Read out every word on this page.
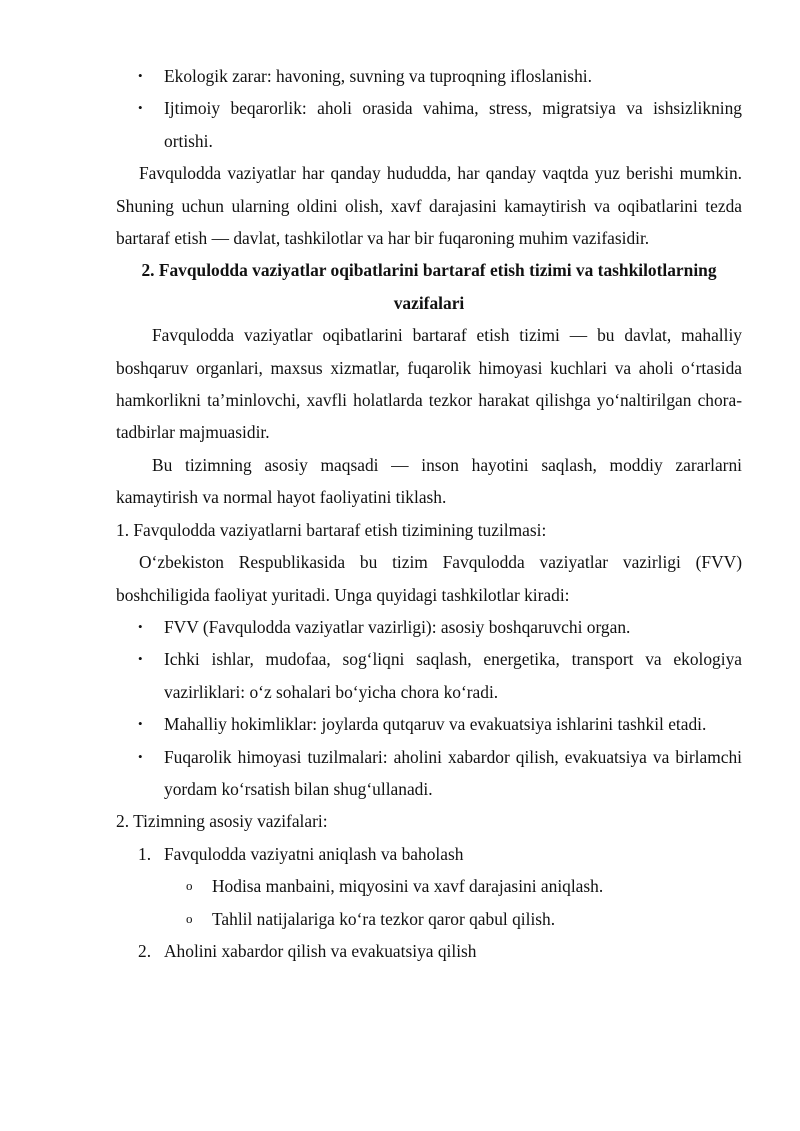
• Ekologik zarar: havoning, suvning va tuproqning ifloslanishi.
• Ijtimoiy beqarorlik: aholi orasida vahima, stress, migratsiya va ishsizlikning ortishi.

Favqulodda vaziyatlar har qanday hududda, har qanday vaqtda yuz berishi mumkin. Shuning uchun ularning oldini olish, xavf darajasini kamaytirish va oqibatlarini tezda bartaraf etish — davlat, tashkilotlar va har bir fuqaroning muhim vazifasidir.

2. Favqulodda vaziyatlar oqibatlarini bartaraf etish tizimi va tashkilotlarning vazifalari

Favqulodda vaziyatlar oqibatlarini bartaraf etish tizimi — bu davlat, mahalliy boshqaruv organlari, maxsus xizmatlar, fuqarolik himoyasi kuchlari va aholi o‘rtasida hamkorlikni ta’minlovchi, xavfli holatlarda tezkor harakat qilishga yo‘naltirilgan chora-tadbirlar majmuasidir.

Bu tizimning asosiy maqsadi — inson hayotini saqlash, moddiy zararlarni kamaytirish va normal hayot faoliyatini tiklash.

1. Favqulodda vaziyatlarni bartaraf etish tizimining tuzilmasi:

O‘zbekiston Respublikasida bu tizim Favqulodda vaziyatlar vazirligi (FVV) boshchiligida faoliyat yuritadi. Unga quyidagi tashkilotlar kiradi:

• FVV (Favqulodda vaziyatlar vazirligi): asosiy boshqaruvchi organ.
• Ichki ishlar, mudofaa, sog‘liqni saqlash, energetika, transport va ekologiya vazirliklari: o‘z sohalari bo‘yicha chora ko‘radi.
• Mahalliy hokimliklar: joylarda qutqaruv va evakuatsiya ishlarini tashkil etadi.
• Fuqarolik himoyasi tuzilmalari: aholini xabardor qilish, evakuatsiya va birlamchi yordam ko‘rsatish bilan shug‘ullanadi.

2. Tizimning asosiy vazifalari:

1. Favqulodda vaziyatni aniqlash va baholash
o Hodisa manbaini, miqyosini va xavf darajasini aniqlash.
o Tahlil natijalariga ko‘ra tezkor qaror qabul qilish.
2. Aholini xabardor qilish va evakuatsiya qilish
